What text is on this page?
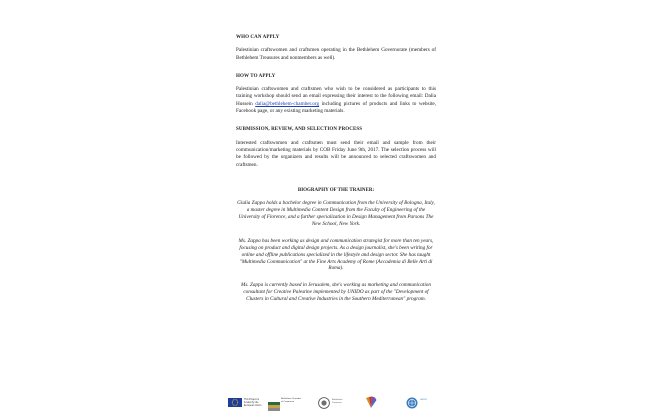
WHO CAN APPLY
Palestinian craftswomen and craftsmen operating in the Bethlehem Governorate (members of Bethlehem Treasures and nonmembers as well).
HOW TO APPLY
Palestinian craftswomen and craftsmen who wish to be considered as participants to this training workshop should send an email expressing their interest to the following email: Dalia Hussein dalia@bethlehem-chamber.org including pictures of products and links to website, Facebook page, or any existing marketing materials.
SUBMISSION, REVIEW, AND SELECTION PROCESS
Interested craftswomen and craftsmen must send their email and sample from their communication/marketing materials by COB Friday June 9th, 2017. The selection process will be followed by the organizers and results will be announced to selected craftswomen and craftsmen.
BIOGRAPHY OF THE TRAINER:
Giulia Zappa holds a bachelor degree in Communication from the University of Bologna, Italy, a master degree in Multimedia Content Design from the Faculty of Engineering of the University of Florence, and a further specialization in Design Management from Parsons The New School, New York.
Ms. Zappa has been working as design and communication strategist for more than ten years, focusing on product and digital design projects. As a design journalist, she's been writing for online and offline publications specialized in the lifestyle and design sector. She has taught "Multimedia Communication" at the Fine Arts Academy of Rome (Accademia di Belle Arti di Roma).
Ms. Zappa is currently based in Jerusalem, she's working as marketing and communication consultant for Creative Palestine implemented by UNIDO as part of the "Development of Clusters in Cultural and Creative Industries in the Southern Mediterranean" program.
This Project is funded by the European Union
Bethlehem Chamber of Commerce
Bethlehem Treasures
UNIDO
